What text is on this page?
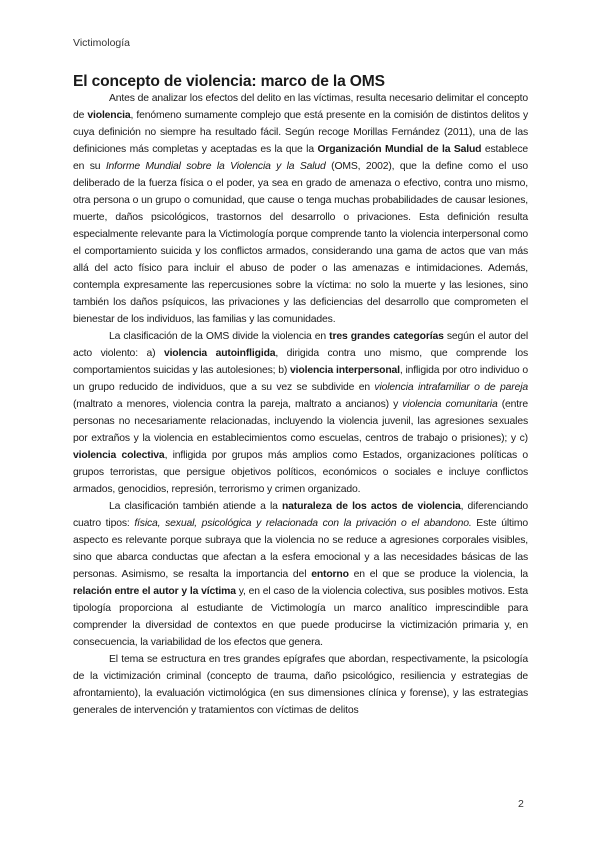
Victimología
El concepto de violencia: marco de la OMS

Antes de analizar los efectos del delito en las víctimas, resulta necesario delimitar el concepto de violencia, fenómeno sumamente complejo que está presente en la comisión de distintos delitos y cuya definición no siempre ha resultado fácil. Según recoge Morillas Fernández (2011), una de las definiciones más completas y aceptadas es la que la Organización Mundial de la Salud establece en su Informe Mundial sobre la Violencia y la Salud (OMS, 2002), que la define como el uso deliberado de la fuerza física o el poder, ya sea en grado de amenaza o efectivo, contra uno mismo, otra persona o un grupo o comunidad, que cause o tenga muchas probabilidades de causar lesiones, muerte, daños psicológicos, trastornos del desarrollo o privaciones. Esta definición resulta especialmente relevante para la Victimología porque comprende tanto la violencia interpersonal como el comportamiento suicida y los conflictos armados, considerando una gama de actos que van más allá del acto físico para incluir el abuso de poder o las amenazas e intimidaciones. Además, contempla expresamente las repercusiones sobre la víctima: no solo la muerte y las lesiones, sino también los daños psíquicos, las privaciones y las deficiencias del desarrollo que comprometen el bienestar de los individuos, las familias y las comunidades.

La clasificación de la OMS divide la violencia en tres grandes categorías según el autor del acto violento: a) violencia autoinfligida, dirigida contra uno mismo, que comprende los comportamientos suicidas y las autolesiones; b) violencia interpersonal, infligida por otro individuo o un grupo reducido de individuos, que a su vez se subdivide en violencia intrafamiliar o de pareja (maltrato a menores, violencia contra la pareja, maltrato a ancianos) y violencia comunitaria (entre personas no necesariamente relacionadas, incluyendo la violencia juvenil, las agresiones sexuales por extraños y la violencia en establecimientos como escuelas, centros de trabajo o prisiones); y c) violencia colectiva, infligida por grupos más amplios como Estados, organizaciones políticas o grupos terroristas, que persigue objetivos políticos, económicos o sociales e incluye conflictos armados, genocidios, represión, terrorismo y crimen organizado.

La clasificación también atiende a la naturaleza de los actos de violencia, diferenciando cuatro tipos: física, sexual, psicológica y relacionada con la privación o el abandono. Este último aspecto es relevante porque subraya que la violencia no se reduce a agresiones corporales visibles, sino que abarca conductas que afectan a la esfera emocional y a las necesidades básicas de las personas. Asimismo, se resalta la importancia del entorno en el que se produce la violencia, la relación entre el autor y la víctima y, en el caso de la violencia colectiva, sus posibles motivos. Esta tipología proporciona al estudiante de Victimología un marco analítico imprescindible para comprender la diversidad de contextos en que puede producirse la victimización primaria y, en consecuencia, la variabilidad de los efectos que genera.

El tema se estructura en tres grandes epígrafes que abordan, respectivamente, la psicología de la victimización criminal (concepto de trauma, daño psicológico, resiliencia y estrategias de afrontamiento), la evaluación victimológica (en sus dimensiones clínica y forense), y las estrategias generales de intervención y tratamientos con víctimas de delitos

2
